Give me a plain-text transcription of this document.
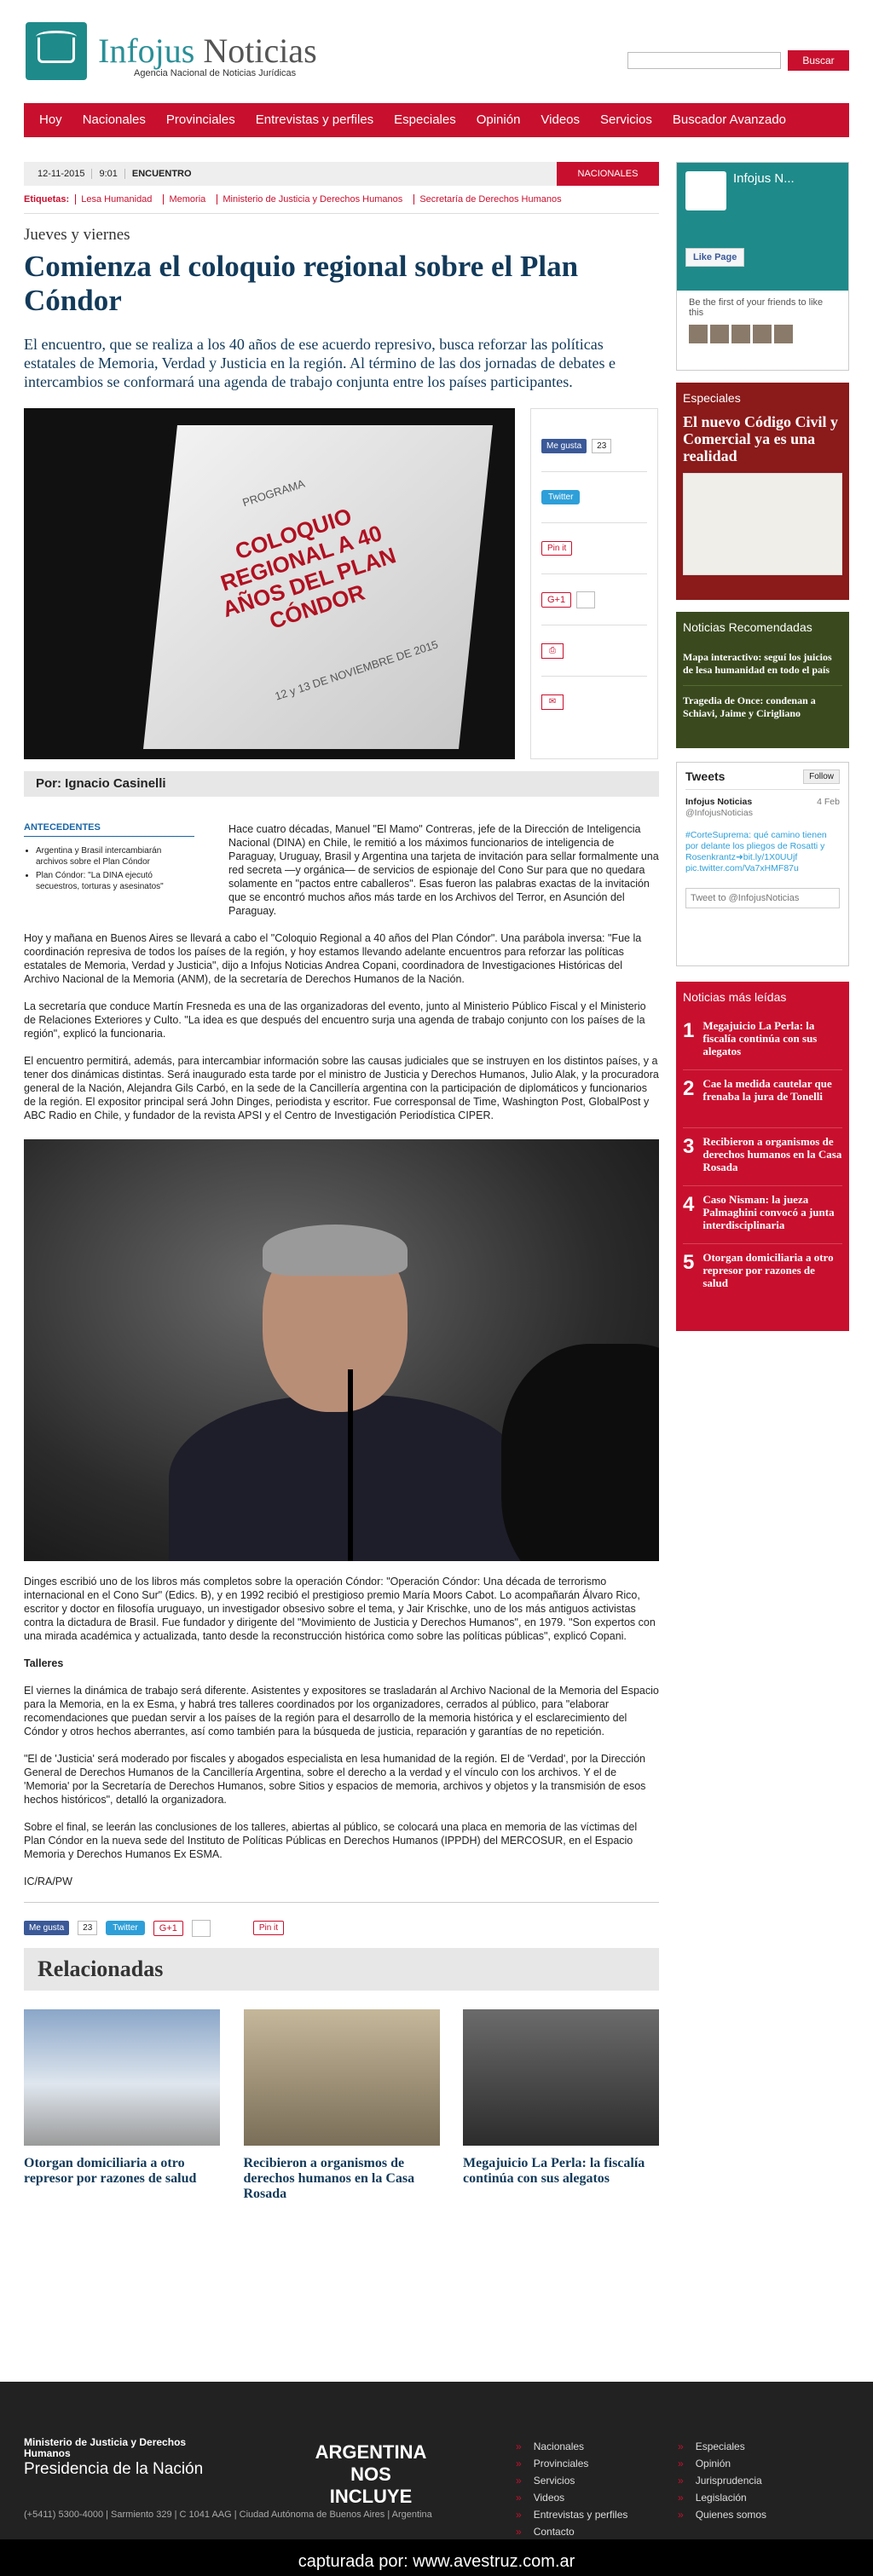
Infojus Noticias
Agencia Nacional de Noticias Jurídicas
Buscar
Hoy	Nacionales	Provinciales	Entrevistas y perfiles	Especiales	Opinión	Videos	Servicios	Buscador Avanzado
12-11-2015	9:01	ENCUENTRO	NACIONALES
Etiquetas: Lesa Humanidad Memoria Ministerio de Justicia y Derechos Humanos Secretaría de Derechos Humanos
Jueves y viernes
Comienza el coloquio regional sobre el Plan Cóndor

El encuentro, que se realiza a los 40 años de ese acuerdo represivo, busca reforzar las políticas estatales de Memoria, Verdad y Justicia en la región. Al término de las dos jornadas de debates e intercambios se conformará una agenda de trabajo conjunta entre los países participantes.

PROGRAMA
COLOQUIO REGIONAL A 40 AÑOS DEL PLAN CÓNDOR
12 y 13 DE NOVIEMBRE DE 2015
Me gusta	23
Twitter
Pin it
G+1
⎙
✉
Por: Ignacio Casinelli
ANTECEDENTES
• Argentina y Brasil intercambiarán archivos sobre el Plan Cóndor
• Plan Cóndor: "La DINA ejecutó secuestros, torturas y asesinatos"

Hace cuatro décadas, Manuel "El Mamo" Contreras, jefe de la Dirección de Inteligencia Nacional (DINA) en Chile, le remitió a los máximos funcionarios de inteligencia de Paraguay, Uruguay, Brasil y Argentina una tarjeta de invitación para sellar formalmente una red secreta —y orgánica— de servicios de espionaje del Cono Sur para que no quedara solamente en "pactos entre caballeros". Esas fueron las palabras exactas de la invitación que se encontró muchos años más tarde en los Archivos del Terror, en Asunción del Paraguay.

Hoy y mañana en Buenos Aires se llevará a cabo el "Coloquio Regional a 40 años del Plan Cóndor". Una parábola inversa: "Fue la coordinación represiva de todos los países de la región, y hoy estamos llevando adelante encuentros para reforzar las políticas estatales de Memoria, Verdad y Justicia", dijo a Infojus Noticias Andrea Copani, coordinadora de Investigaciones Históricas del Archivo Nacional de la Memoria (ANM), de la secretaría de Derechos Humanos de la Nación.

La secretaría que conduce Martín Fresneda es una de las organizadoras del evento, junto al Ministerio Público Fiscal y el Ministerio de Relaciones Exteriores y Culto. "La idea es que después del encuentro surja una agenda de trabajo conjunto con los países de la región", explicó la funcionaria.

El encuentro permitirá, además, para intercambiar información sobre las causas judiciales que se instruyen en los distintos países, y a tener dos dinámicas distintas. Será inaugurado esta tarde por el ministro de Justicia y Derechos Humanos, Julio Alak, y la procuradora general de la Nación, Alejandra Gils Carbó, en la sede de la Cancillería argentina con la participación de diplomáticos y funcionarios de la región. El expositor principal será John Dinges, periodista y escritor. Fue corresponsal de Time, Washington Post, GlobalPost y ABC Radio en Chile, y fundador de la revista APSI y el Centro de Investigación Periodística CIPER.

Dinges escribió uno de los libros más completos sobre la operación Cóndor: "Operación Cóndor: Una década de terrorismo internacional en el Cono Sur" (Edics. B), y en 1992 recibió el prestigioso premio María Moors Cabot. Lo acompañarán Álvaro Rico, escritor y doctor en filosofía uruguayo, un investigador obsesivo sobre el tema, y Jair Krischke, uno de los más antiguos activistas contra la dictadura de Brasil. Fue fundador y dirigente del "Movimiento de Justicia y Derechos Humanos", en 1979. "Son expertos con una mirada académica y actualizada, tanto desde la reconstrucción histórica como sobre las políticas públicas", explicó Copani.

Talleres

El viernes la dinámica de trabajo será diferente. Asistentes y expositores se trasladarán al Archivo Nacional de la Memoria del Espacio para la Memoria, en la ex Esma, y habrá tres talleres coordinados por los organizadores, cerrados al público, para "elaborar recomendaciones que puedan servir a los países de la región para el desarrollo de la memoria histórica y el esclarecimiento del Cóndor y otros hechos aberrantes, así como también para la búsqueda de justicia, reparación y garantías de no repetición.

"El de 'Justicia' será moderado por fiscales y abogados especialista en lesa humanidad de la región. El de 'Verdad', por la Dirección General de Derechos Humanos de la Cancillería Argentina, sobre el derecho a la verdad y el vínculo con los archivos. Y el de 'Memoria' por la Secretaría de Derechos Humanos, sobre Sitios y espacios de memoria, archivos y objetos y la transmisión de esos hechos históricos", detalló la organizadora.

Sobre el final, se leerán las conclusiones de los talleres, abiertas al público, se colocará una placa en memoria de las víctimas del Plan Cóndor en la nueva sede del Instituto de Políticas Públicas en Derechos Humanos (IPPDH) del MERCOSUR, en el Espacio Memoria y Derechos Humanos Ex ESMA.

IC/RA/PW

Me gusta	23	Twitter	G+1	Pin it
Relacionadas
Otorgan domiciliaria a otro represor por razones de salud
Recibieron a organismos de derechos humanos en la Casa Rosada
Megajuicio La Perla: la fiscalía continúa con sus alegatos
Infojus N...
Like Page
Be the first of your friends to like this
Especiales
El nuevo Código Civil y Comercial ya es una realidad
Noticias Recomendadas
Mapa interactivo: seguí los juicios de lesa humanidad en todo el país
Tragedia de Once: condenan a Schiavi, Jaime y Cirigliano
Tweets	Follow
Infojus Noticias	4 Feb

@InfojusNoticias

#CorteSuprema: qué camino tienen por delante los pliegos de Rosatti y Rosenkrantz➜bit.ly/1X0UUjf pic.twitter.com/Va7xHMF87u
Tweet to @InfojusNoticias
Noticias más leídas
1 Megajuicio La Perla: la fiscalía continúa con sus alegatos
2 Cae la medida cautelar que frenaba la jura de Tonelli
3 Recibieron a organismos de derechos humanos en la Casa Rosada
4 Caso Nisman: la jueza Palmaghini convocó a junta interdisciplinaria
5 Otorgan domiciliaria a otro represor por razones de salud
Ministerio de Justicia y Derechos Humanos
Presidencia de la Nación
ARGENTINA NOS INCLUYE
(+5411) 5300-4000 | Sarmiento 329 | C 1041 AAG | Ciudad Autónoma de Buenos Aires | Argentina
» Nacionales
» Provinciales
» Servicios
» Videos
» Entrevistas y perfiles
» Contacto
» Especiales
» Opinión
» Jurisprudencia
» Legislación
» Quienes somos
capturada por: www.avestruz.com.ar
